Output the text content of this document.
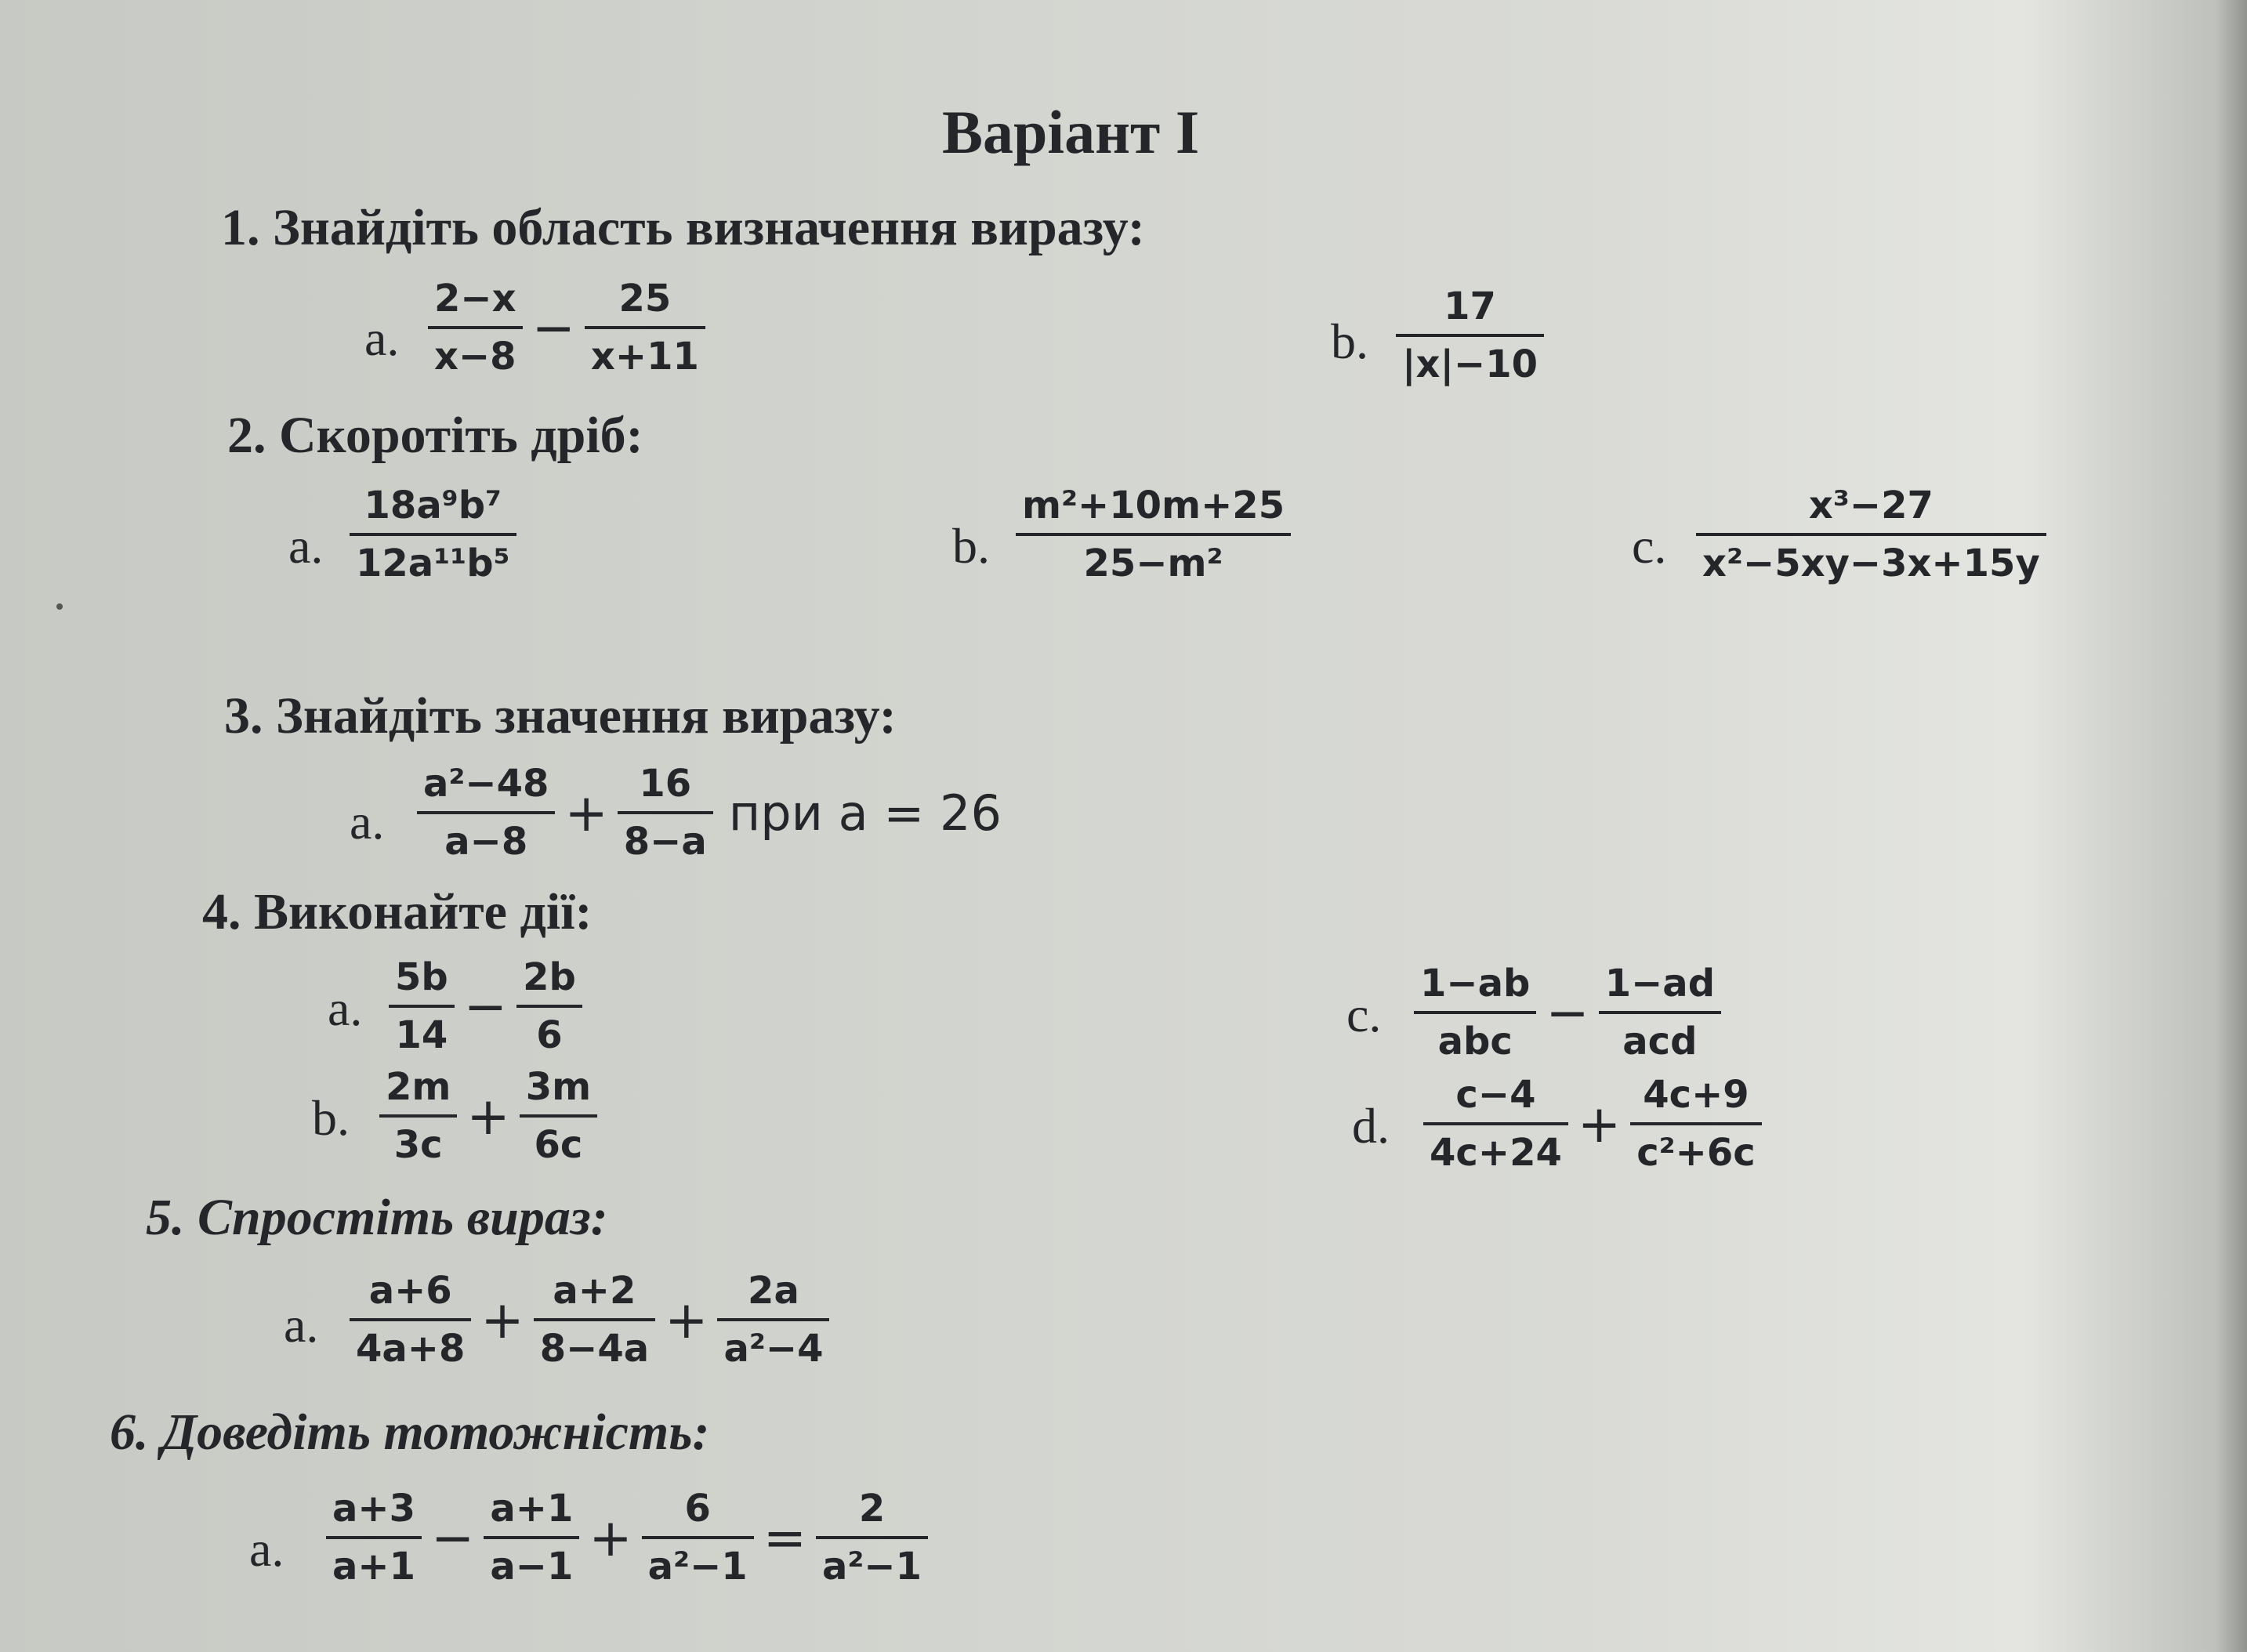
Варіант І
1. Знайдіть область визначення виразу:
a. $\frac{2-x}{x-8} - \frac{25}{x+11}$	b. $\frac{17}{|x|-10}$
2. Скоротіть дріб:
a. $\frac{\text{18a⁹b⁷}}{\text{12a¹¹b⁵}}$	b. $\frac{\text{m²+10m+25}}{\text{25−m²}}$	c. $\frac{\text{x³−27}}{\text{x²−5xy−3x+15y}}$
3. Знайдіть значення виразу:
a. $\frac{\text{a²−48}}{a-8} + \frac{16}{8-a}$ при a = 26
4. Виконайте дії:
a. $\frac{5b}{14} - \frac{2b}{6}$
b. $\frac{2m}{3c} + \frac{3m}{6c}$
c. $\frac{1-ab}{\text{abc}} - \frac{1-ad}{\text{acd}}$
d. $\frac{c-4}{4c+24} + \frac{4c+9}{\text{c²+6c}}$
5. Спростіть вираз:
a. $\frac{a+6}{4a+8} + \frac{a+2}{8-4a} + \frac{2a}{\text{a²−4}}$
6. Доведіть тотожність:
a. $\frac{a+3}{a+1} - \frac{a+1}{a-1} + \frac{6}{\text{a²−1}} = \frac{2}{\text{a²−1}}$
